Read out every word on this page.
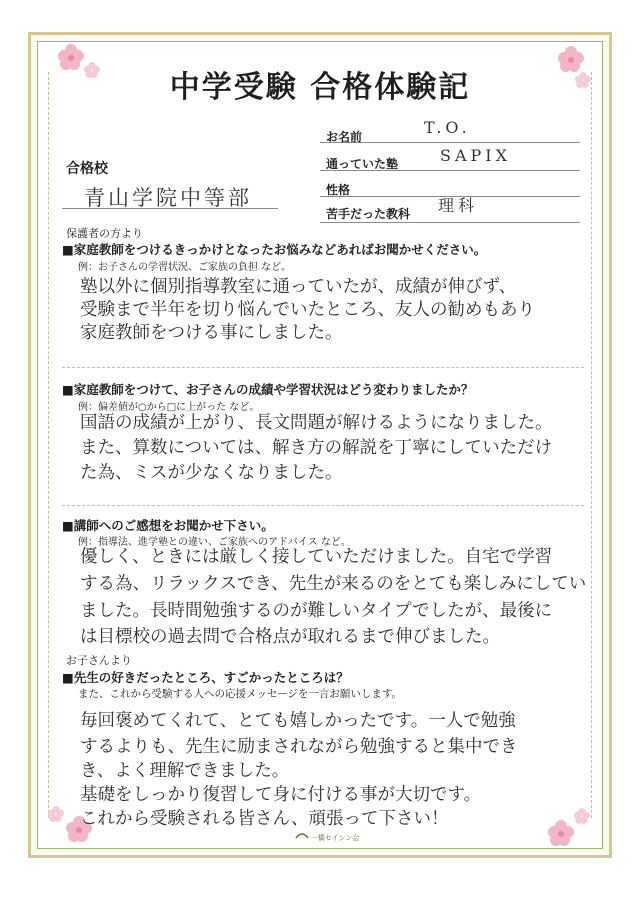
中学受験 合格体験記
お名前	T.O.
通っていた塾	SAPIX
性格
苦手だった教科 理科
合格校
青山学院中等部
保護者の方より
■家庭教師をつけるきっかけとなったお悩みなどあればお聞かせください。
例：お子さんの学習状況、ご家族の負担 など。
塾以外に個別指導教室に通っていたが、成績が伸びず、
受験まで半年を切り悩んでいたところ、友人の勧めもあり
家庭教師をつける事にしました。
■家庭教師をつけて、お子さんの成績や学習状況はどう変わりましたか？
例：偏差値が○から□に上がった など。
国語の成績が上がり、長文問題が解けるようになりました。
また、算数については、解き方の解説を丁寧にしていただけ
た為、ミスが少なくなりました。
■講師へのご感想をお聞かせ下さい。
例：指導法、進学塾との違い、ご家族へのアドバイス など。
優しく、ときには厳しく接していただけました。自宅で学習
する為、リラックスでき、先生が来るのをとても楽しみにしてい
ました。長時間勉強するのが難しいタイプでしたが、最後に
は目標校の過去問で合格点が取れるまで伸びました。
お子さんより
■先生の好きだったところ、すごかったところは？
また、これから受験する人への応援メッセージを一言お願いします。
毎回褒めてくれて、とても嬉しかったです。一人で勉強
するよりも、先生に励まされながら勉強すると集中でき
き、よく理解できました。
基礎をしっかり復習して身に付ける事が大切です。
これから受験される皆さん、頑張って下さい！
一橋セイシン会
